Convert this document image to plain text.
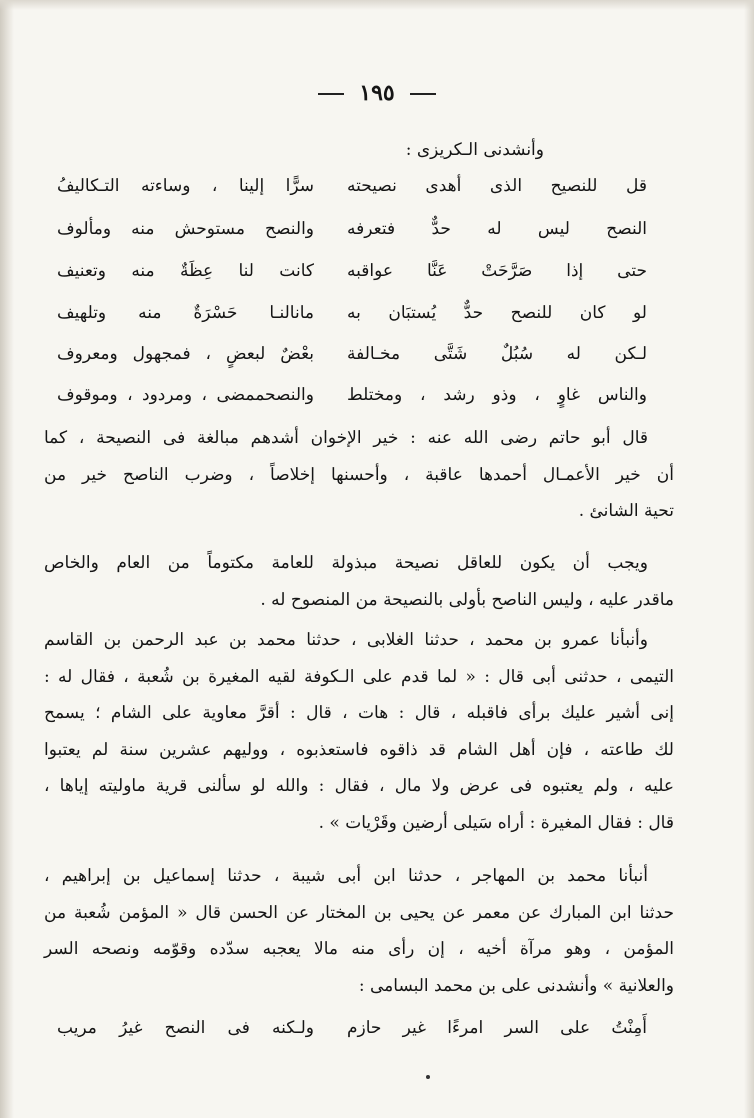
١٩٥
وأنشدنى الـكريزى :
قل للنصيح الذى أهدى نصيحته
سرًّا إلينا ، وساءته التـكاليفُ
النصح ليس له حدٌّ فتعرفه
والنصح مستوحش منه ومألوف
حتى إذا صَرَّحَتْ عَنَّا عواقبه
كانت لنا عِظَةٌ منه وتعنيف
لو كان للنصح حدٌّ يُستبَان به
مانالنـا حَسْرَةٌ منه وتلهيف
لـكن له سُبُلٌ شَتَّى مخـالفة
بعْضٌ لبعضٍ ، فمجهول ومعروف
والناس غاوٍ ، وذو رشد ، ومختلط
والنصحممضى ، ومردود ، وموقوف
قال أبو حاتم رضى الله عنه : خير الإخوان أشدهم مبالغة فى النصيحة ، كما
أن خير الأعمـال أحمدها عاقبة ، وأحسنها إخلاصاً ، وضرب الناصح خير من
تحية الشانئ .
ويجب أن يكون للعاقل نصيحة مبذولة للعامة مكتوماً من العام والخاص
ماقدر عليه ، وليس الناصح بأولى بالنصيحة من المنصوح له .
وأنبأنا عمرو بن محمد ، حدثنا الغلابى ، حدثنا محمد بن عبد الرحمن بن القاسم
التيمى ، حدثنى أبى قال : « لما قدم على الـكوفة لقيه المغيرة بن شُعبة ، فقال له :
إنى أشير عليك برأى فاقبله ، قال : هات ، قال : أقرَّ معاوية على الشام ؛ يسمح
لك طاعته ، فإن أهل الشام قد ذاقوه فاستعذبوه ، ووليهم عشرين سنة لم يعتبوا
عليه ، ولم يعتبوه فى عرض ولا مال ، فقال : والله لو سألنى قرية ماوليته إياها ،
قال : فقال المغيرة : أراه سَيلى أرضين وقَرْيات » .
أنبأنا محمد بن المهاجر ، حدثنا ابن أبى شيبة ، حدثنا إسماعيل بن إبراهيم ،
حدثنا ابن المبارك عن معمر عن يحيى بن المختار عن الحسن قال « المؤمن شُعبة من
المؤمن ، وهو مرآة أخيه ، إن رأى منه مالا يعجبه سدّده وقوّمه ونصحه السر
والعلانية » وأنشدنى على بن محمد البسامى :
أَمِنْتُ على السر امرءًا غير حازم
ولـكنه فى النصح غيرُ مريب
